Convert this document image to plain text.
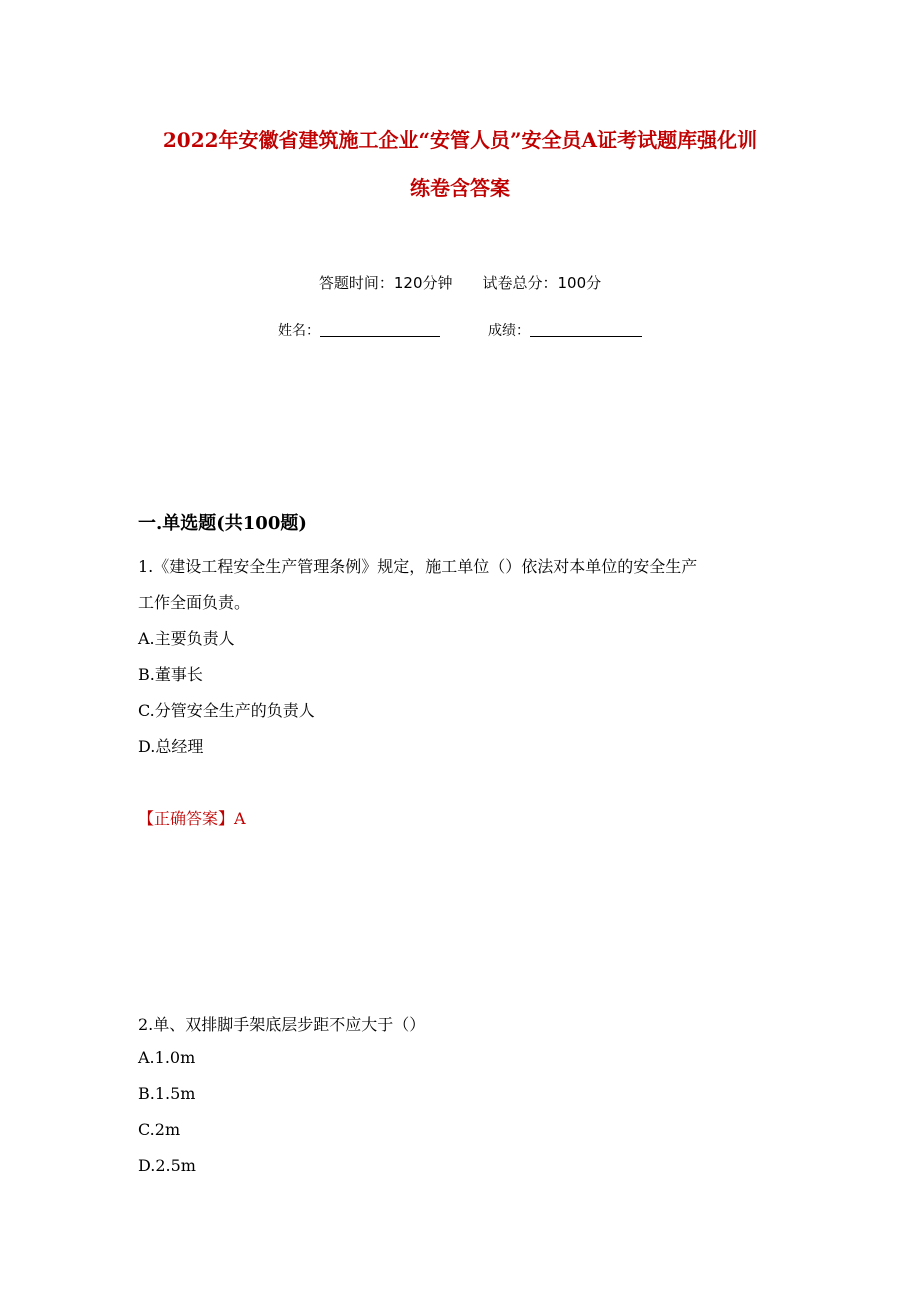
2022年安徽省建筑施工企业“安管人员”安全员A证考试题库强化训
练卷含答案
答题时间：120分钟 试卷总分：100分
姓名：	成绩：
一.单选题(共100题)
1.《建设工程安全生产管理条例》规定，施工单位（）依法对本单位的安全生产
工作全面负责。
A.主要负责人
B.董事长
C.分管安全生产的负责人
D.总经理
【正确答案】A
2.单、双排脚手架底层步距不应大于（）
A.1.0m
B.1.5m
C.2m
D.2.5m
